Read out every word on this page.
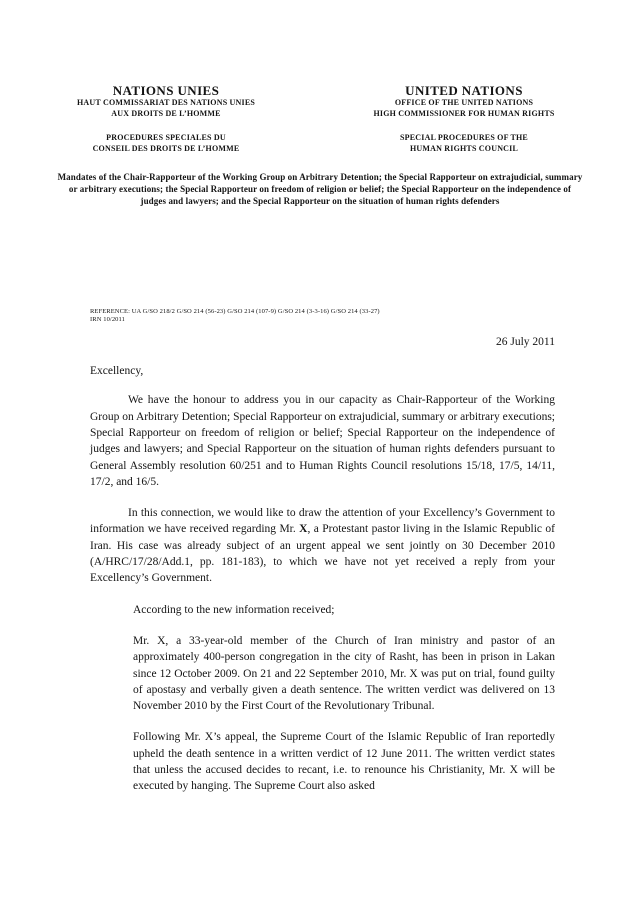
NATIONS UNIES
HAUT COMMISSARIAT DES NATIONS UNIES
AUX DROITS DE L’HOMME
PROCEDURES SPECIALES DU
CONSEIL DES DROITS DE L’HOMME
UNITED NATIONS
OFFICE OF THE UNITED NATIONS
HIGH COMMISSIONER FOR HUMAN RIGHTS
SPECIAL PROCEDURES OF THE
HUMAN RIGHTS COUNCIL
Mandates of the Chair-Rapporteur of the Working Group on Arbitrary Detention; the Special Rapporteur on extrajudicial, summary or arbitrary executions; the Special Rapporteur on freedom of religion or belief; the Special Rapporteur on the independence of judges and lawyers; and the Special Rapporteur on the situation of human rights defenders
REFERENCE: UA G/SO 218/2 G/SO 214 (56-23) G/SO 214 (107-9) G/SO 214 (3-3-16) G/SO 214 (33-27)
IRN 10/2011
26 July 2011
Excellency,

We have the honour to address you in our capacity as Chair-Rapporteur of the Working Group on Arbitrary Detention; Special Rapporteur on extrajudicial, summary or arbitrary executions; Special Rapporteur on freedom of religion or belief; Special Rapporteur on the independence of judges and lawyers; and Special Rapporteur on the situation of human rights defenders pursuant to General Assembly resolution 60/251 and to Human Rights Council resolutions 15/18, 17/5, 14/11, 17/2, and 16/5.

In this connection, we would like to draw the attention of your Excellency’s Government to information we have received regarding Mr. X, a Protestant pastor living in the Islamic Republic of Iran. His case was already subject of an urgent appeal we sent jointly on 30 December 2010 (A/HRC/17/28/Add.1, pp. 181-183), to which we have not yet received a reply from your Excellency’s Government.

According to the new information received;

Mr. X, a 33-year-old member of the Church of Iran ministry and pastor of an approximately 400-person congregation in the city of Rasht, has been in prison in Lakan since 12 October 2009. On 21 and 22 September 2010, Mr. X was put on trial, found guilty of apostasy and verbally given a death sentence. The written verdict was delivered on 13 November 2010 by the First Court of the Revolutionary Tribunal.

Following Mr. X’s appeal, the Supreme Court of the Islamic Republic of Iran reportedly upheld the death sentence in a written verdict of 12 June 2011. The written verdict states that unless the accused decides to recant, i.e. to renounce his Christianity, Mr. X will be executed by hanging. The Supreme Court also asked
